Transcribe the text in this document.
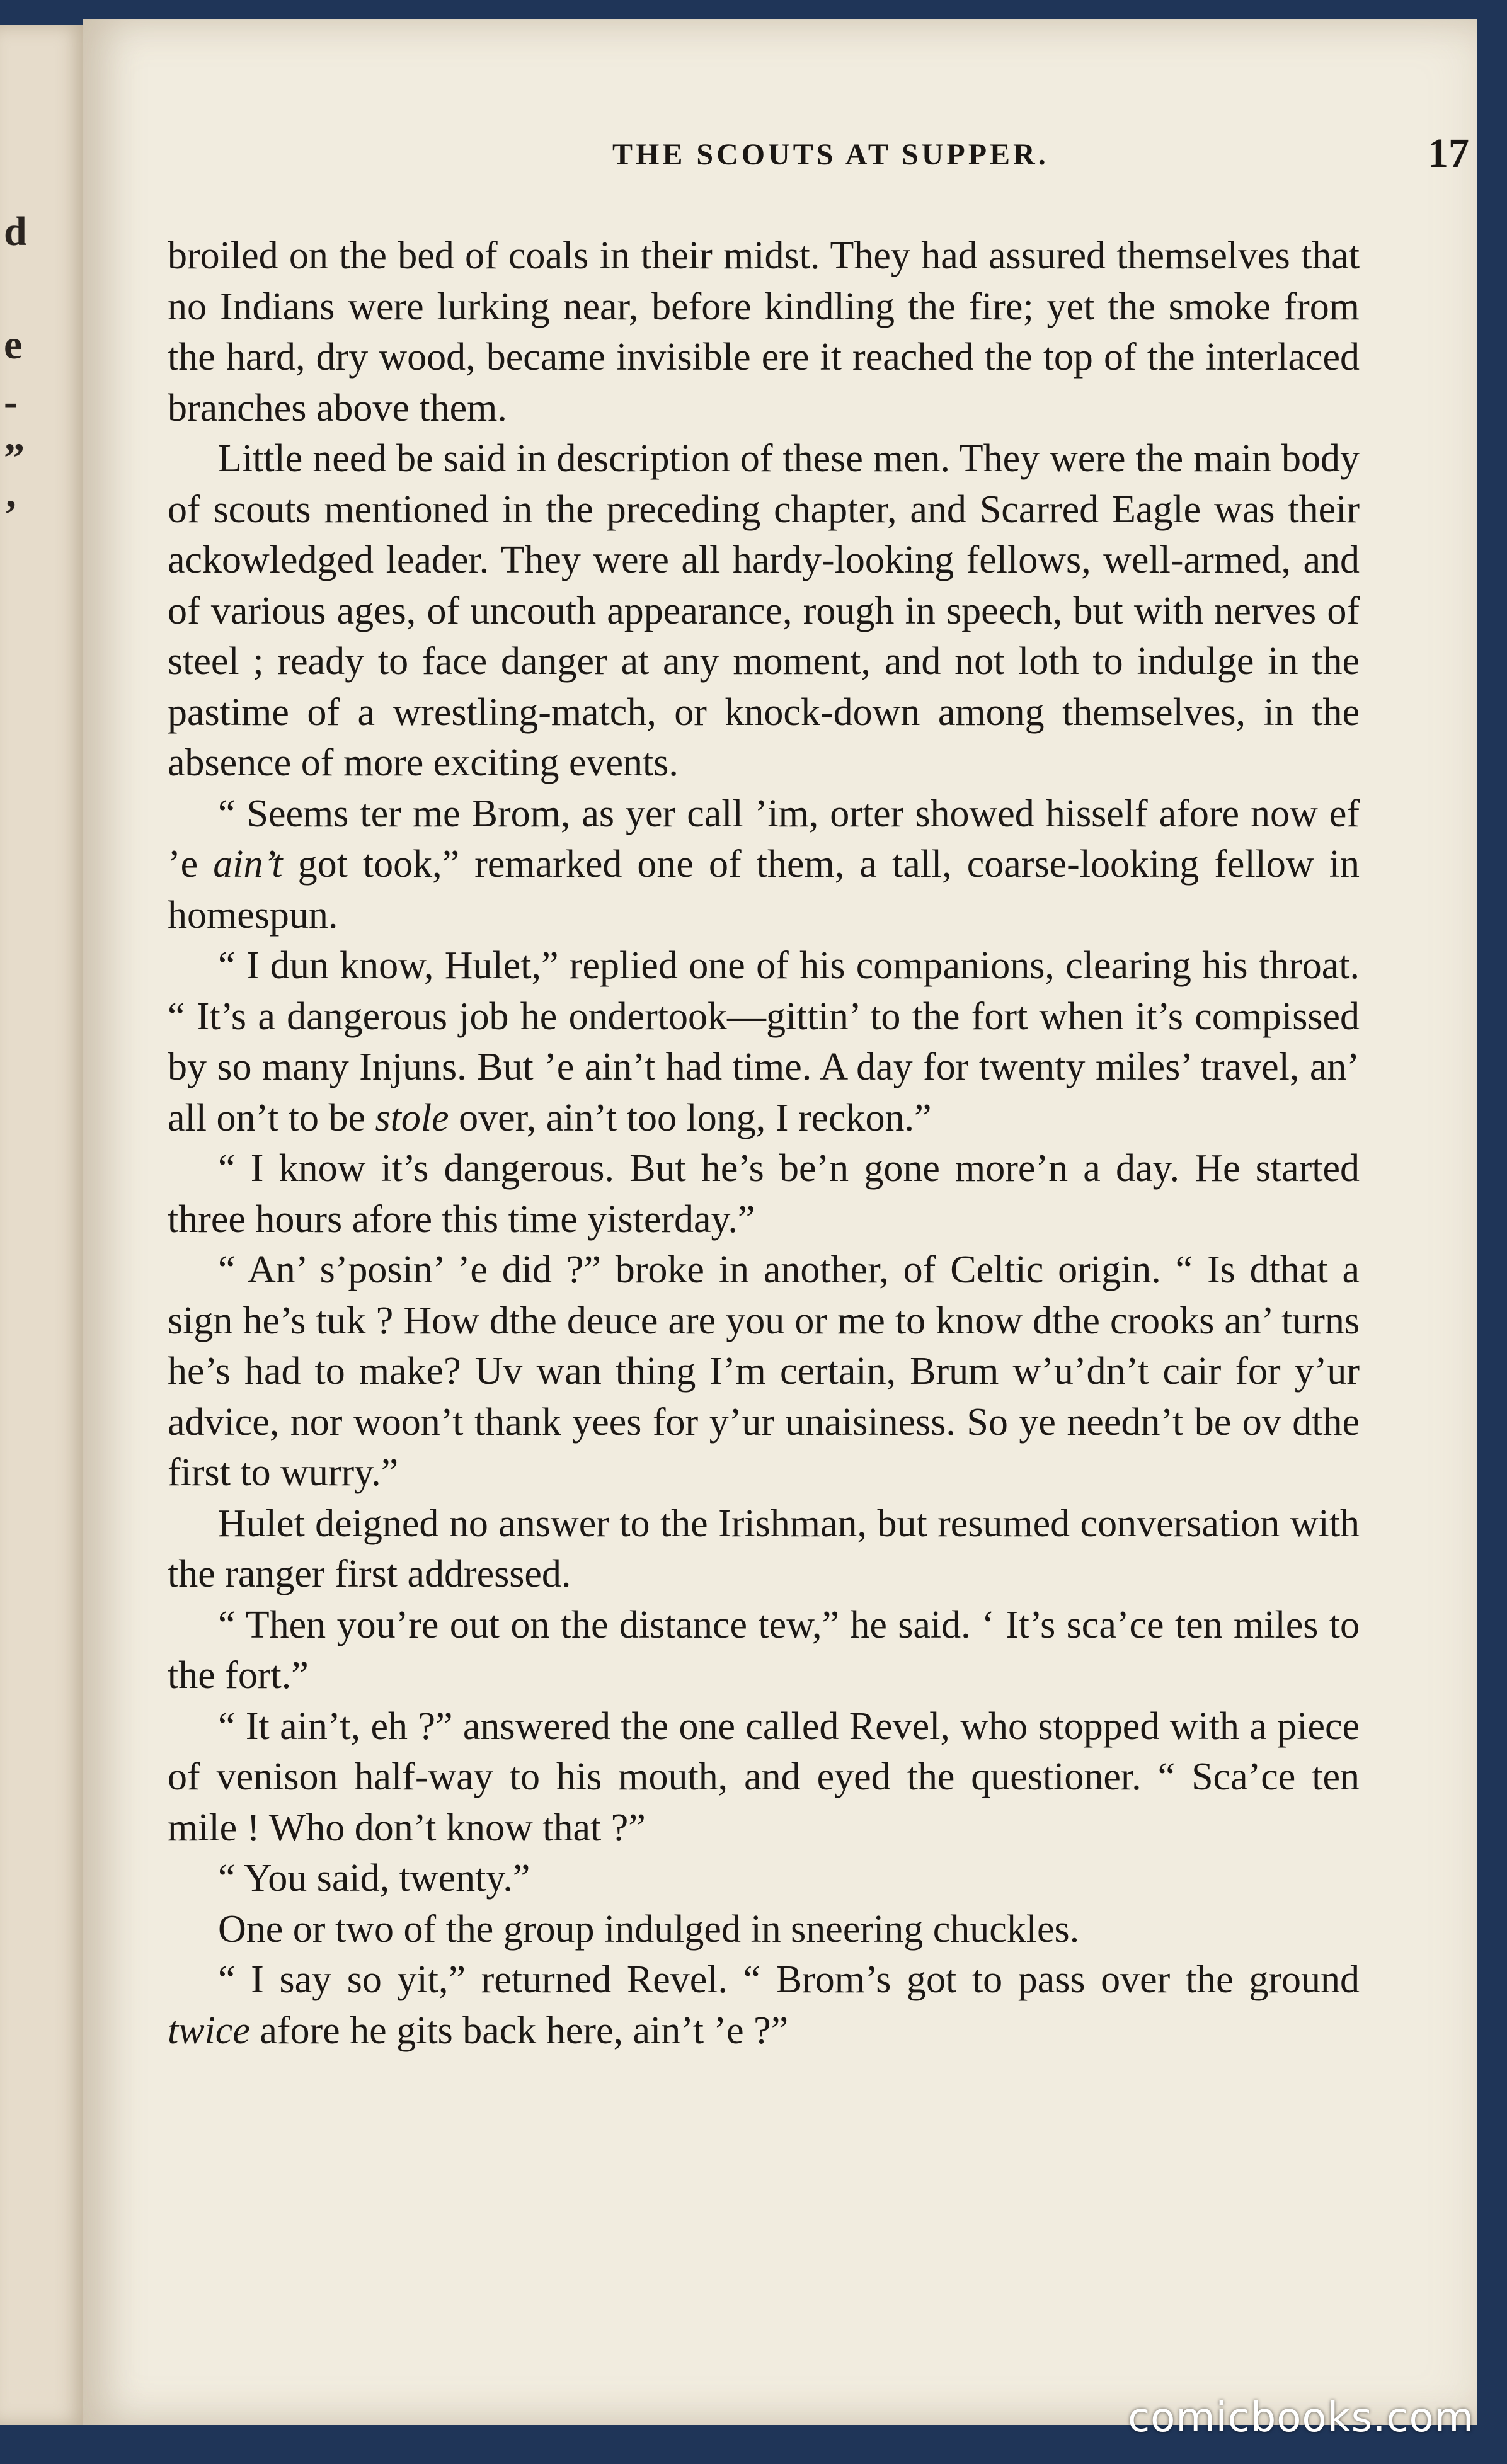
d
e
-
”
’
THE SCOUTS AT SUPPER.	17

broiled on the bed of coals in their midst. They had assured themselves that no Indians were lurking near, before kindling the fire; yet the smoke from the hard, dry wood, became invisible ere it reached the top of the interlaced branches above them.

Little need be said in description of these men. They were the main body of scouts mentioned in the preceding chapter, and Scarred Eagle was their ackowledged leader. They were all hardy-looking fellows, well-armed, and of various ages, of uncouth appearance, rough in speech, but with nerves of steel ; ready to face danger at any moment, and not loth to indulge in the pastime of a wrestling-match, or knock-down among themselves, in the absence of more exciting events.

“ Seems ter me Brom, as yer call ’im, orter showed hisself afore now ef ’e ain’t got took,” remarked one of them, a tall, coarse-looking fellow in homespun.

“ I dun know, Hulet,” replied one of his companions, clearing his throat. “ It’s a dangerous job he ondertook—gittin’ to the fort when it’s compissed by so many Injuns. But ’e ain’t had time. A day for twenty miles’ travel, an’ all on’t to be stole over, ain’t too long, I reckon.”

“ I know it’s dangerous. But he’s be’n gone more’n a day. He started three hours afore this time yisterday.”

“ An’ s’posin’ ’e did ?” broke in another, of Celtic origin. “ Is dthat a sign he’s tuk ? How dthe deuce are you or me to know dthe crooks an’ turns he’s had to make? Uv wan thing I’m certain, Brum w’u’dn’t cair for y’ur advice, nor woon’t thank yees for y’ur unaisiness. So ye needn’t be ov dthe first to wurry.”

Hulet deigned no answer to the Irishman, but resumed conversation with the ranger first addressed.

“ Then you’re out on the distance tew,” he said. ‘ It’s sca’ce ten miles to the fort.”

“ It ain’t, eh ?” answered the one called Revel, who stopped with a piece of venison half-way to his mouth, and eyed the questioner. “ Sca’ce ten mile ! Who don’t know that ?”

“ You said, twenty.”

One or two of the group indulged in sneering chuckles.

“ I say so yit,” returned Revel. “ Brom’s got to pass over the ground twice afore he gits back here, ain’t ’e ?”

comicbooks.com
